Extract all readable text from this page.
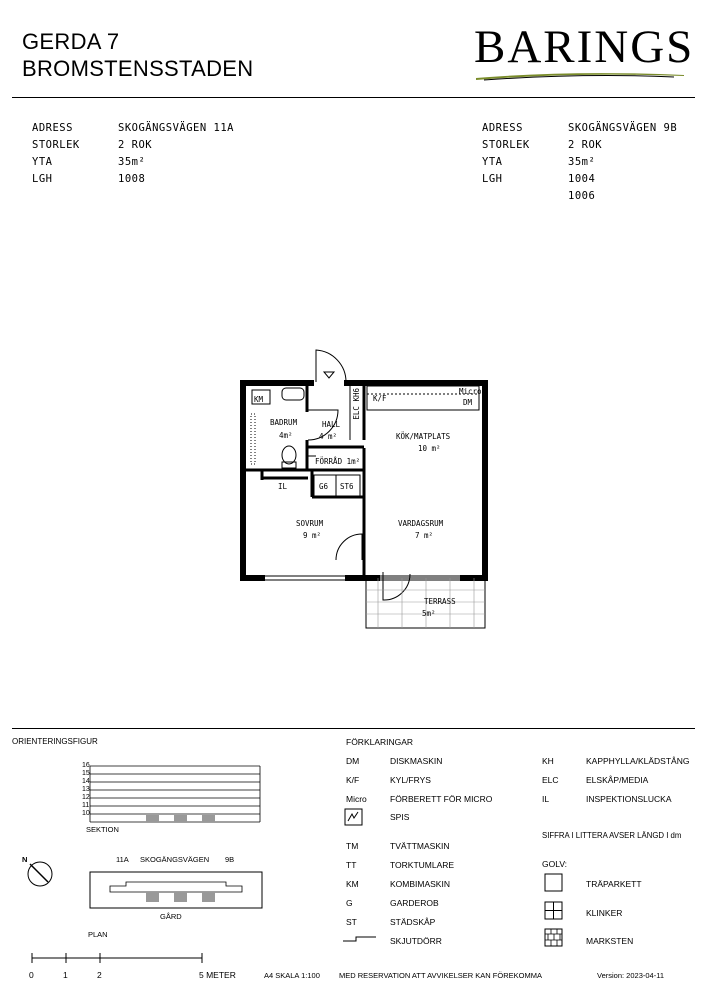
GERDA 7
BROMSTENSSTADEN	BARINGS
ADRESS	SKOGÄNGSVÄGEN 11A
STORLEK	2 ROK
YTA	35m²
LGH	1008
ADRESS	SKOGÄNGSVÄGEN 9B
STORLEK	2 ROK
YTA	35m²
LGH	1004
1006
KM	K/F
Micro
DM
ELC KH6
BADRUM
4m²
HALL
4 m²	KÖK/MATPLATS
10 m²
FÖRRÅD 1m²
IL	G6 ST6
SOVRUM
9 m²
VARDAGSRUM
7 m²
TERRASS
5m²
ORIENTERINGSFIGUR
16
15
14
13
12
11
10
SEKTION
N	11A SKOGÄNGSVÄGEN 9B
GÅRD
PLAN
FÖRKLARINGAR
DM	DISKMASKIN
K/F	KYL/FRYS
Micro	FÖRBERETT FÖR MICRO
SPIS
TM	TVÄTTMASKIN
TT	TORKTUMLARE
KM	KOMBIMASKIN
G	GARDEROB
ST	STÄDSKÅP
SKJUTDÖRR
KH	KAPPHYLLA/KLÄDSTÅNG
ELC	ELSKÅP/MEDIA
IL	INSPEKTIONSLUCKA
SIFFRA I LITTERA AVSER LÄNGD I dm
GOLV:
TRÄPARKETT
KLINKER
MARKSTEN
0	1	2	5 METER	A4 SKALA 1:100	MED RESERVATION ATT AVVIKELSER KAN FÖREKOMMA	Version: 2023-04-11
